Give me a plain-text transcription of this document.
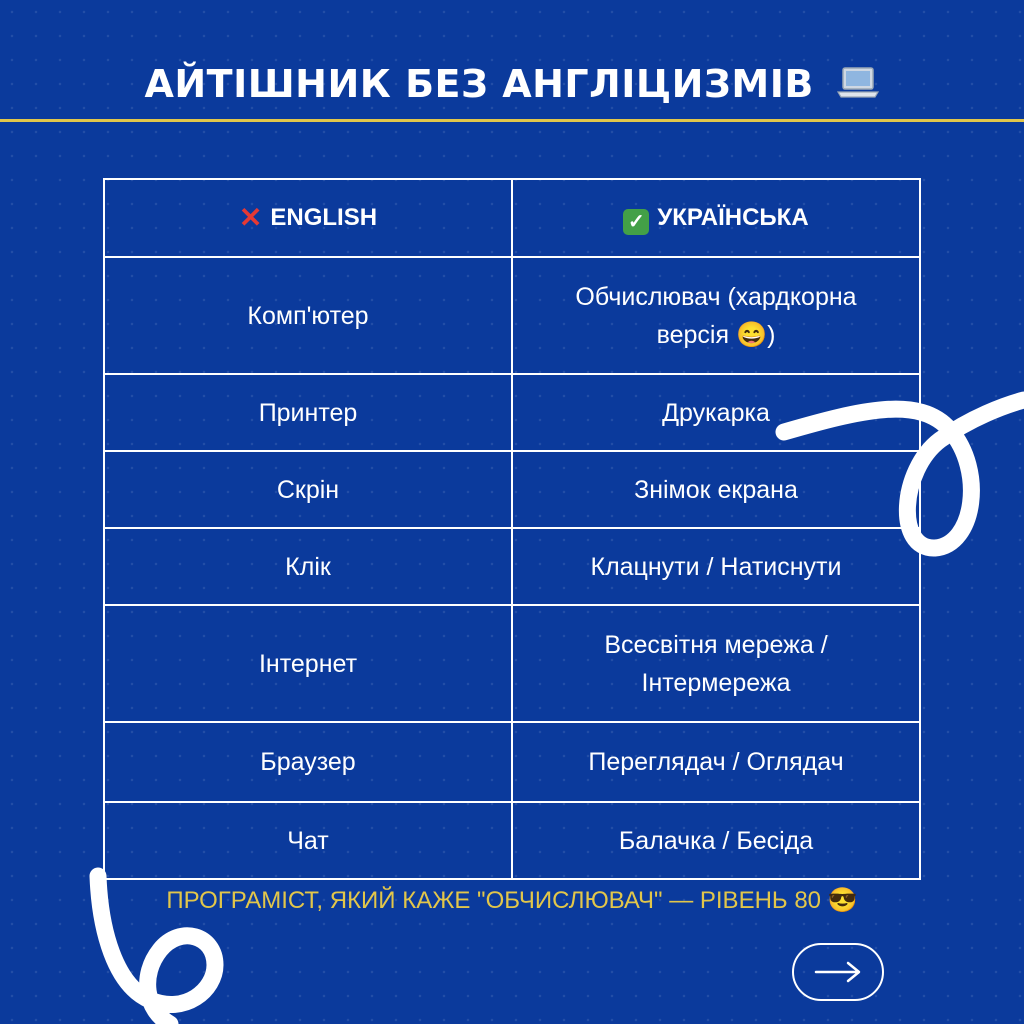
АЙТІШНИК БЕЗ АНГЛІЦИЗМІВ
✕ ENGLISH	✓ УКРАЇНСЬКА
Комп'ютер	Обчислювач (хардкорна версія 😄)
Принтер	Друкарка
Скрін	Знімок екрана
Клік	Клацнути / Натиснути
Інтернет	Всесвітня мережа / Інтермережа
Браузер	Переглядач / Оглядач
Чат	Балачка / Бесіда
ПРОГРАМІСТ, ЯКИЙ КАЖЕ "ОБЧИСЛЮВАЧ" — РІВЕНЬ 80 😎
